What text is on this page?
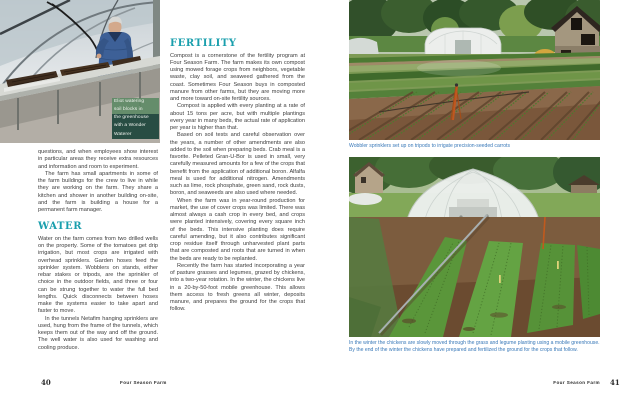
Eliot watering
soil blocks in
the greenhouse
with a Wonder
Waterer

questions, and when employees show interest in particular areas they receive extra resources and information and room to experiment.

The farm has small apartments in some of the farm buildings for the crew to live in while they are working on the farm. They share a kitchen and shower in another building on-site, and the farm is building a house for a permanent farm manager.

WATER

Water on the farm comes from two drilled wells on the property. Some of the tomatoes get drip irrigation, but most crops are irrigated with overhead sprinklers. Garden hoses feed the sprinkler system. Wobblers on stands, either rebar stakes or tripods, are the sprinkler of choice in the outdoor fields, and three or four can be strung together to water the full bed lengths. Quick disconnects between hoses make the systems easier to take apart and faster to move.

In the tunnels Netafim hanging sprinklers are used, hung from the frame of the tunnels, which keeps them out of the way and off the ground. The well water is also used for washing and cooling produce.

FERTILITY

Compost is a cornerstone of the fertility program at Four Season Farm. The farm makes its own compost using mowed forage crops from neighbors, vegetable waste, clay soil, and seaweed gathered from the coast. Sometimes Four Season buys in composted manure from other farms, but they are moving more and more toward on-site fertility sources.

Compost is applied with every planting at a rate of about 15 tons per acre, but with multiple plantings every year in many beds, the actual rate of application per year is higher than that.

Based on soil tests and careful observation over the years, a number of other amendments are also added to the soil when preparing beds. Crab meal is a favorite. Pelleted Gran-U-Bor is used in small, very carefully measured amounts for a few of the crops that benefit from the application of additional boron. Alfalfa meal is used for additional nitrogen. Amendments such as lime, rock phosphate, green sand, rock dusts, boron, and seaweeds are also used where needed.

When the farm was in year-round production for market, the use of cover crops was limited. There was almost always a cash crop in every bed, and crops were planted intensively, covering every square inch of the beds. This intensive planting does require careful amending, but it also contributes significant crop residue itself through unharvested plant parts that are composted and roots that are turned in when the beds are ready to be replanted.

Recently the farm has started incorporating a year of pasture grasses and legumes, grazed by chickens, into a two-year rotation. In the winter, the chickens live in a 20-by-50-foot mobile greenhouse. This allows them access to fresh greens all winter, deposits manure, and prepares the ground for the crops that follow.

Wobbler sprinklers set up on tripods to irrigate precision-seeded carrots
In the winter the chickens are slowly moved through the grass and legume planting using a mobile greenhouse.
By the end of the winter the chickens have prepared and fertilized the ground for the crops that follow.
40	Four Season Farm	Four Season Farm 41
